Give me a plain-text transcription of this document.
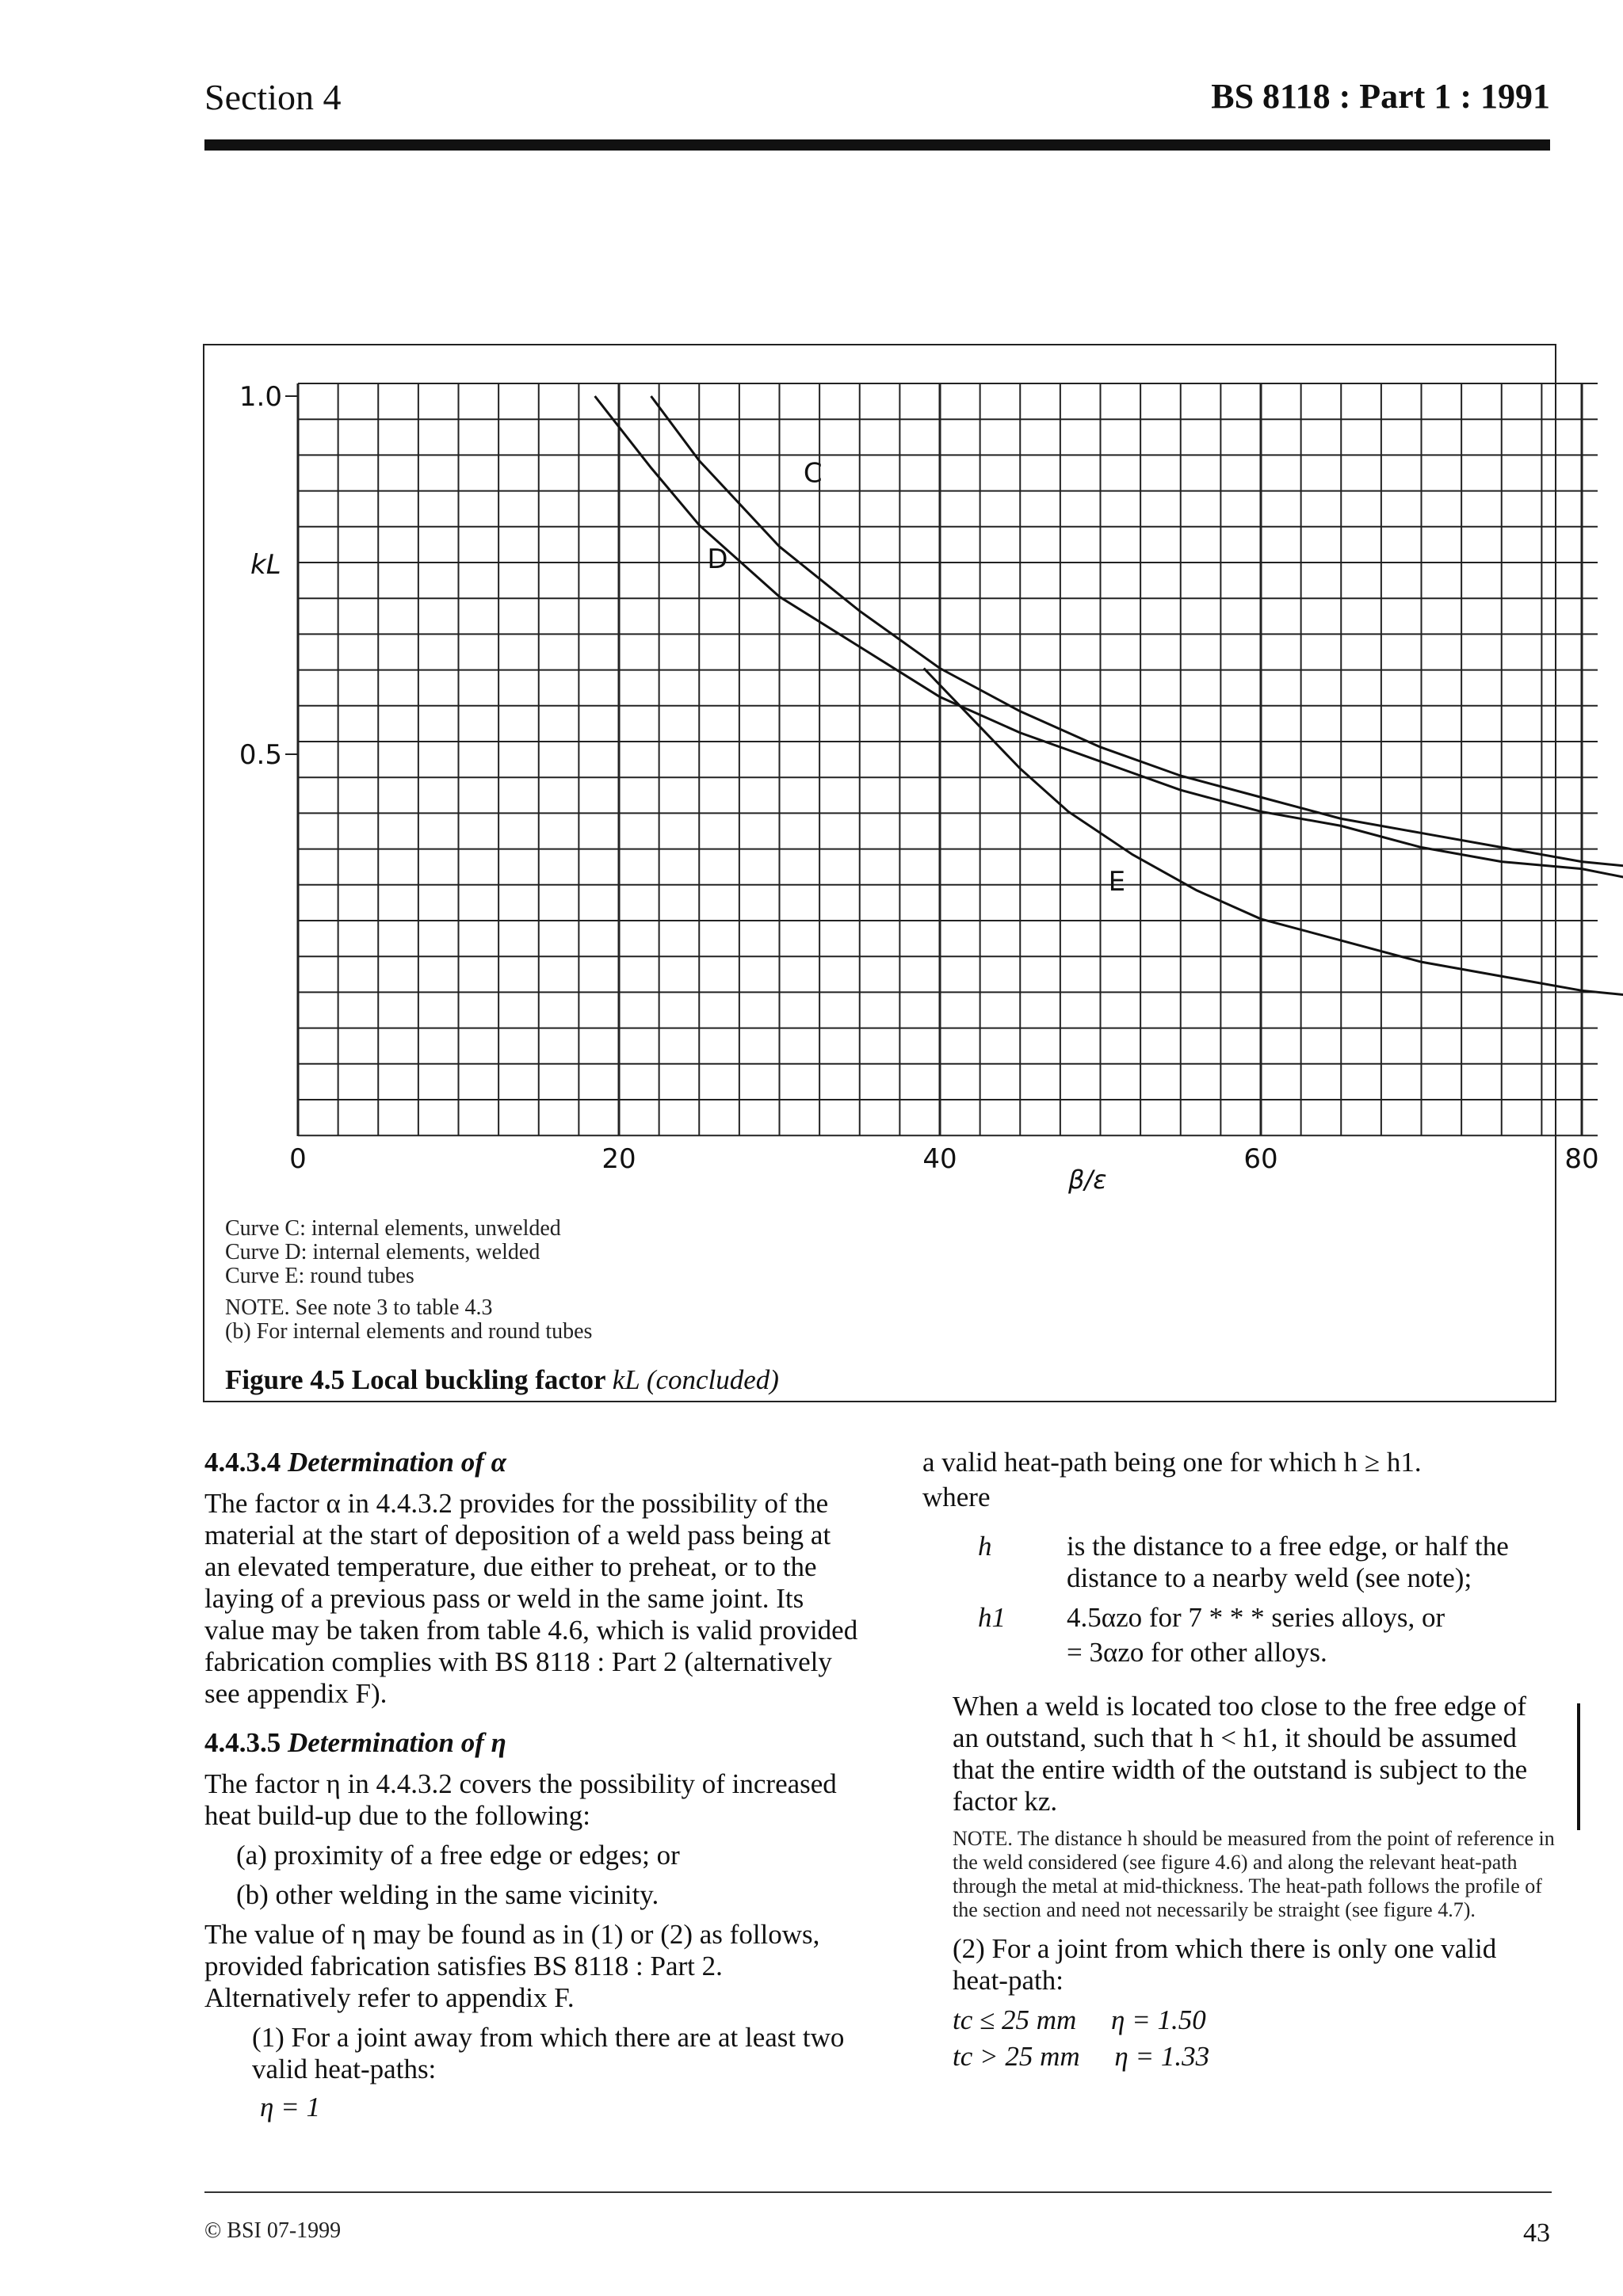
Section 4	BS 8118 : Part 1 : 1991
C
D
E
0	20	40	60	80
0.5
1.0
kL
β/ε

Curve C: internal elements, unwelded

Curve D: internal elements, welded

Curve E: round tubes

NOTE. See note 3 to table 4.3

(b) For internal elements and round tubes

Figure 4.5 Local buckling factor kL (concluded)

4.4.3.4 Determination of α

The factor α in 4.4.3.2 provides for the possibility of the material at the start of deposition of a weld pass being at an elevated temperature, due either to preheat, or to the laying of a previous pass or weld in the same joint. Its value may be taken from table 4.6, which is valid provided fabrication complies with BS 8118 : Part 2 (alternatively see appendix F).

4.4.3.5 Determination of η

The factor η in 4.4.3.2 covers the possibility of increased heat build-up due to the following:

(a) proximity of a free edge or edges; or

(b) other welding in the same vicinity.

The value of η may be found as in (1) or (2) as follows, provided fabrication satisfies BS 8118 : Part 2. Alternatively refer to appendix F.

(1) For a joint away from which there are at least two valid heat-paths:

η = 1

a valid heat-path being one for which h ≥ h1.

where

h	is the distance to a free edge, or half the distance to a nearby weld (see note);
h1	4.5αzo for 7 * * * series alloys, or
= 3αzo for other alloys.

When a weld is located too close to the free edge of an outstand, such that h < h1, it should be assumed that the entire width of the outstand is subject to the factor kz.

NOTE. The distance h should be measured from the point of reference in the weld considered (see figure 4.6) and along the relevant heat-path through the metal at mid-thickness. The heat-path follows the profile of the section and need not necessarily be straight (see figure 4.7).

(2) For a joint from which there is only one valid heat-path:

tc ≤ 25 mm     η = 1.50

tc > 25 mm     η = 1.33

© BSI 07-1999	43
